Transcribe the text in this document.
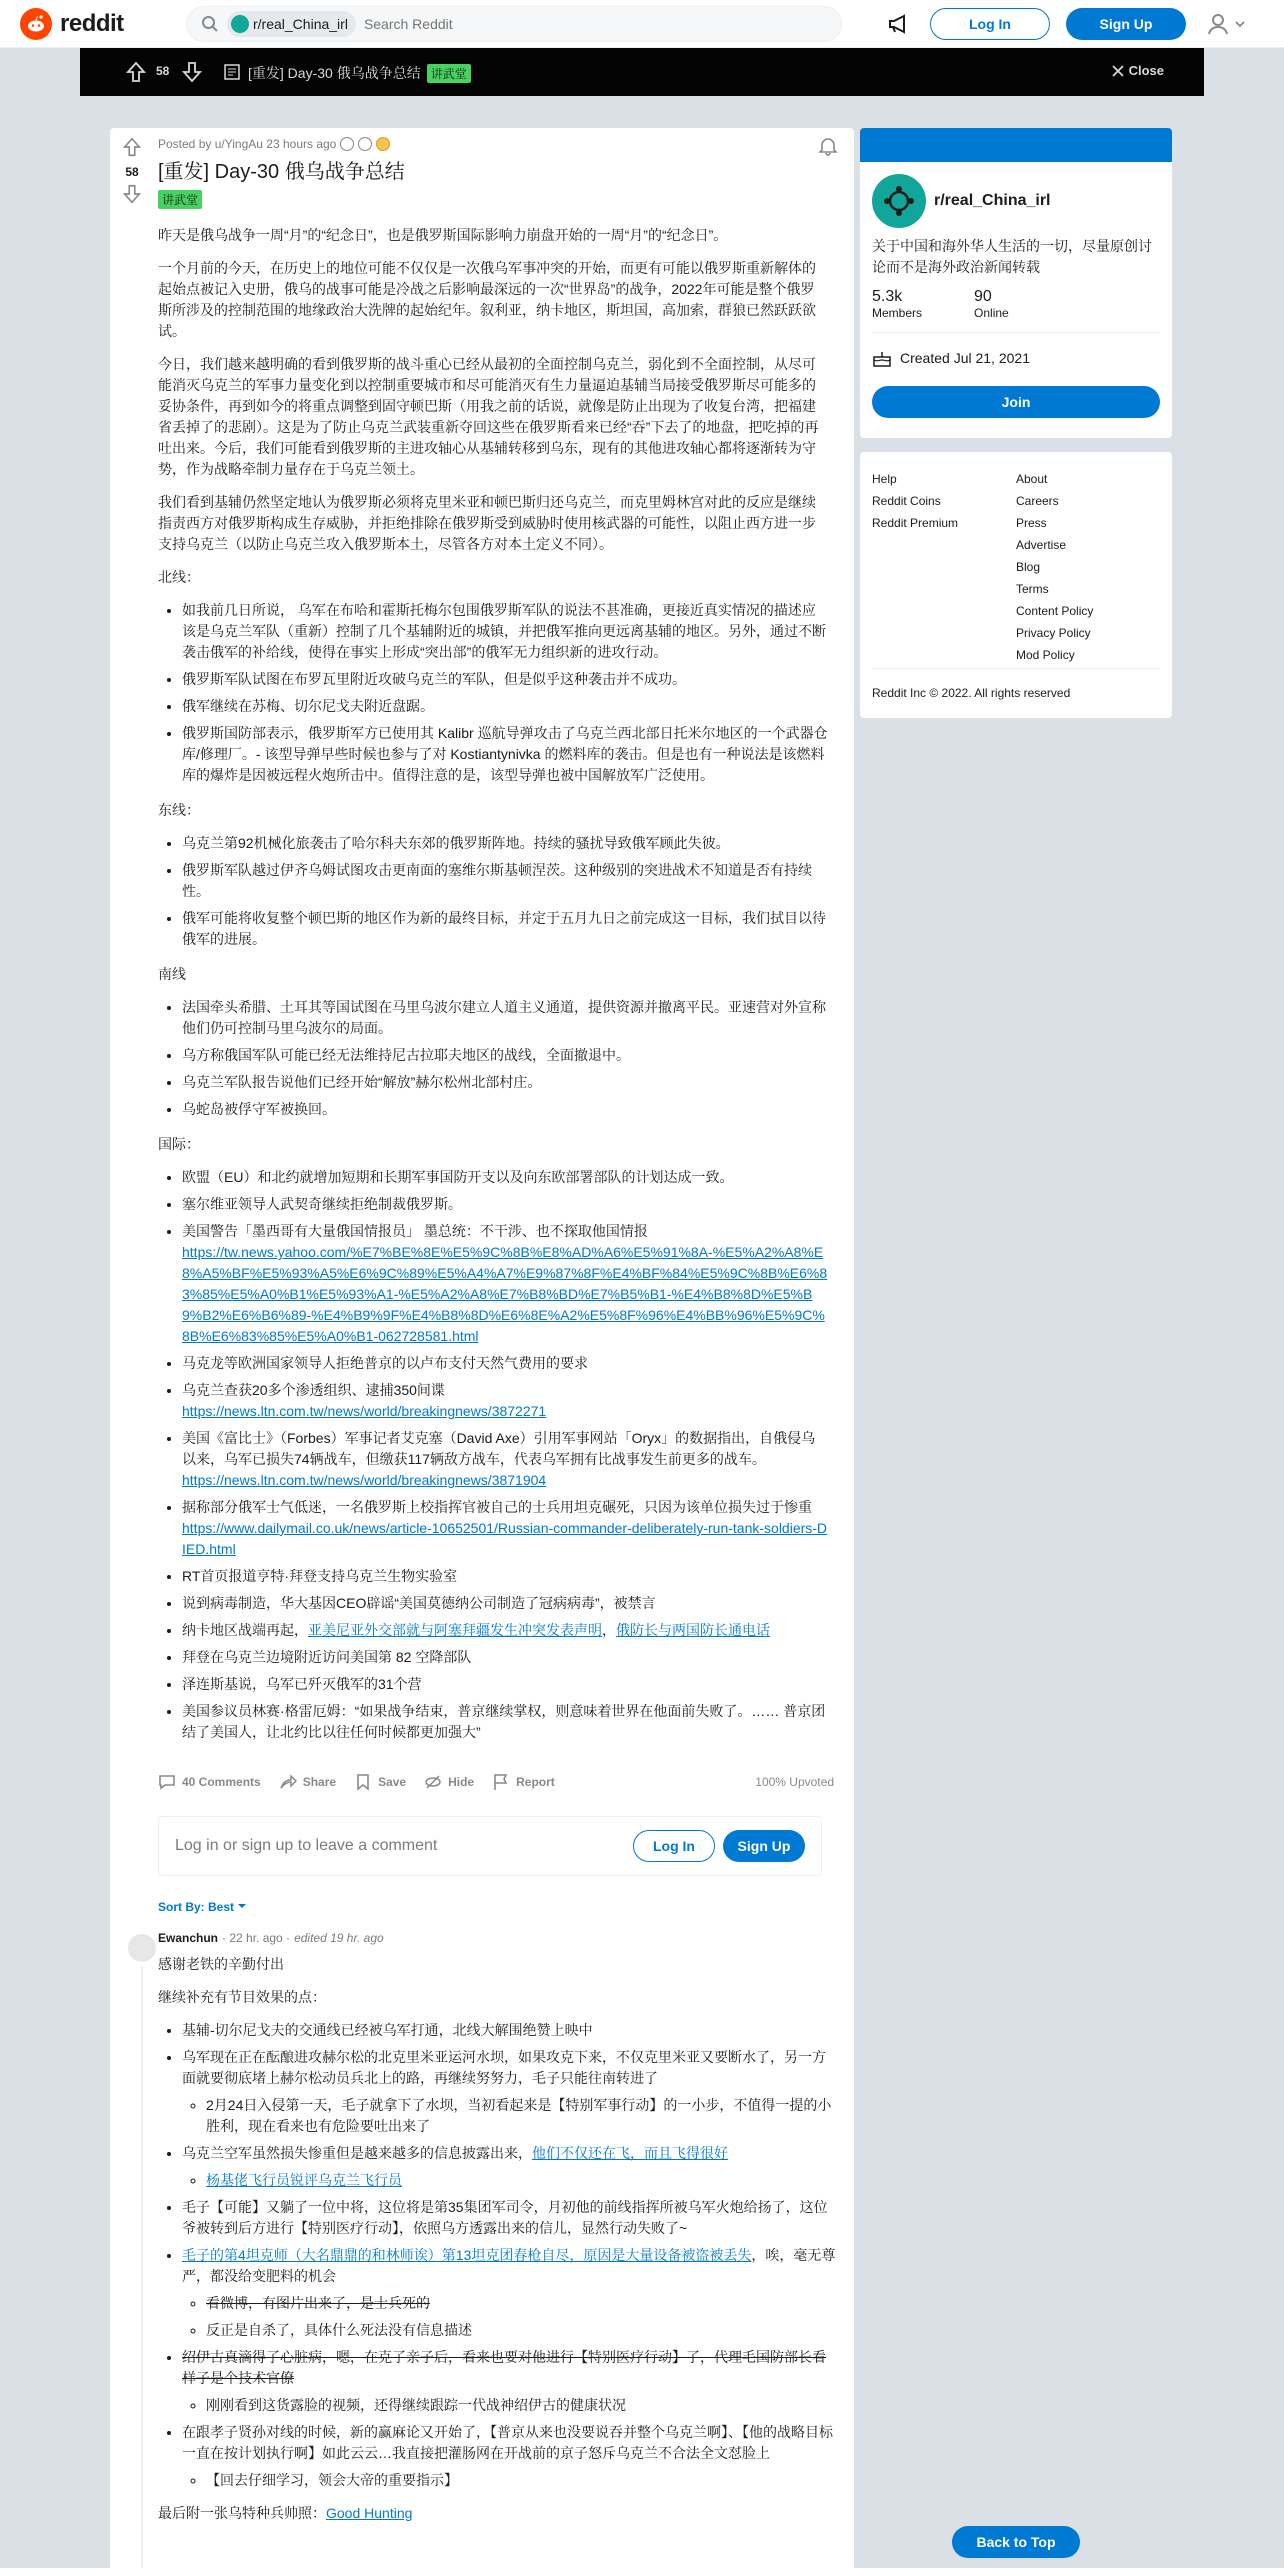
reddit	r/real_China_irl
Search Reddit	Log In	Sign Up
58	[重发] Day-30 俄乌战争总结 讲武堂	Close
58
Posted by u/YingAu 23 hours ago
[重发] Day-30 俄乌战争总结
讲武堂

昨天是俄乌战争一周“月”的“纪念日”，也是俄罗斯国际影响力崩盘开始的一周“月”的“纪念日”。

一个月前的今天，在历史上的地位可能不仅仅是一次俄乌军事冲突的开始，而更有可能以俄罗斯重新解体的起始点被记入史册，俄乌的战事可能是冷战之后影响最深远的一次“世界岛”的战争，2022年可能是整个俄罗斯所涉及的控制范围的地缘政治大洗牌的起始纪年。叙利亚，纳卡地区，斯坦国，高加索，群狼已然跃跃欲试。

今日，我们越来越明确的看到俄罗斯的战斗重心已经从最初的全面控制乌克兰，弱化到不全面控制，从尽可能消灭乌克兰的军事力量变化到以控制重要城市和尽可能消灭有生力量逼迫基辅当局接受俄罗斯尽可能多的妥协条件，再到如今的将重点调整到固守顿巴斯（用我之前的话说，就像是防止出现为了收复台湾，把福建省丢掉了的悲剧）。这是为了防止乌克兰武装重新夺回这些在俄罗斯看来已经“吞”下去了的地盘，把吃掉的再吐出来。今后，我们可能看到俄罗斯的主进攻轴心从基辅转移到乌东，现有的其他进攻轴心都将逐渐转为守势，作为战略牵制力量存在于乌克兰领土。

我们看到基辅仍然坚定地认为俄罗斯必须将克里米亚和顿巴斯归还乌克兰，而克里姆林宫对此的反应是继续指责西方对俄罗斯构成生存威胁，并拒绝排除在俄罗斯受到威胁时使用核武器的可能性，以阻止西方进一步支持乌克兰（以防止乌克兰攻入俄罗斯本土，尽管各方对本土定义不同）。

北线：

• 如我前几日所说， 乌军在布哈和霍斯托梅尔包围俄罗斯军队的说法不甚准确，更接近真实情况的描述应该是乌克兰军队（重新）控制了几个基辅附近的城镇，并把俄军推向更远离基辅的地区。另外，通过不断袭击俄军的补给线，使得在事实上形成“突出部”的俄军无力组织新的进攻行动。
• 俄罗斯军队试图在布罗瓦里附近攻破乌克兰的军队，但是似乎这种袭击并不成功。
• 俄军继续在苏梅、切尔尼戈夫附近盘踞。
• 俄罗斯国防部表示，俄罗斯军方已使用其 Kalibr 巡航导弹攻击了乌克兰西北部日托米尔地区的一个武器仓库/修理厂。- 该型导弹早些时候也参与了对 Kostiantynivka 的燃料库的袭击。但是也有一种说法是该燃料库的爆炸是因被远程火炮所击中。值得注意的是，该型导弹也被中国解放军广泛使用。

东线：

• 乌克兰第92机械化旅袭击了哈尔科夫东郊的俄罗斯阵地。持续的骚扰导致俄军顾此失彼。
• 俄罗斯军队越过伊齐乌姆试图攻击更南面的塞维尔斯基顿涅茨。这种级别的突进战术不知道是否有持续性。
• 俄军可能将收复整个顿巴斯的地区作为新的最终目标，并定于五月九日之前完成这一目标，我们拭目以待俄军的进展。

南线

• 法国牵头希腊、土耳其等国试图在马里乌波尔建立人道主义通道，提供资源并撤离平民。亚速营对外宣称他们仍可控制马里乌波尔的局面。
• 乌方称俄国军队可能已经无法维持尼古拉耶夫地区的战线，全面撤退中。
• 乌克兰军队报告说他们已经开始“解放”赫尔松州北部村庄。
• 乌蛇岛被俘守军被换回。

国际：

• 欧盟（EU）和北约就增加短期和长期军事国防开支以及向东欧部署部队的计划达成一致。
• 塞尔维亚领导人武契奇继续拒绝制裁俄罗斯。
• 美国警告「墨西哥有大量俄国情报员」 墨总统：不干涉、也不探取他国情报
https://tw.news.yahoo.com/%E7%BE%8E%E5%9C%8B%E8%AD%A6%E5%91%8A-%E5%A2%A8%E8%A5%BF%E5%93%A5%E6%9C%89%E5%A4%A7%E9%87%8F%E4%BF%84%E5%9C%8B%E6%83%85%E5%A0%B1%E5%93%A1-%E5%A2%A8%E7%B8%BD%E7%B5%B1-%E4%B8%8D%E5%B9%B2%E6%B6%89-%E4%B9%9F%E4%B8%8D%E6%8E%A2%E5%8F%96%E4%BB%96%E5%9C%8B%E6%83%85%E5%A0%B1-062728581.html
• 马克龙等欧洲国家领导人拒绝普京的以卢布支付天然气费用的要求
• 乌克兰查获20多个渗透组织、逮捕350间谍
https://news.ltn.com.tw/news/world/breakingnews/3872271
• 美国《富比士》（Forbes）军事记者艾克塞（David Axe）引用军事网站「Oryx」的数据指出，自俄侵乌以来，乌军已损失74辆战车，但缴获117辆敌方战车，代表乌军拥有比战事发生前更多的战车。
https://news.ltn.com.tw/news/world/breakingnews/3871904
• 据称部分俄军士气低迷，一名俄罗斯上校指挥官被自己的士兵用坦克碾死，只因为该单位损失过于惨重
https://www.dailymail.co.uk/news/article-10652501/Russian-commander-deliberately-run-tank-soldiers-DIED.html
• RT首页报道亨特·拜登支持乌克兰生物实验室
• 说到病毒制造，华大基因CEO辟谣“美国莫德纳公司制造了冠病病毒”，被禁言
• 纳卡地区战端再起，亚美尼亚外交部就与阿塞拜疆发生冲突发表声明，俄防长与两国防长通电话
• 拜登在乌克兰边境附近访问美国第 82 空降部队
• 泽连斯基说，乌军已歼灭俄军的31个营
• 美国参议员林赛·格雷厄姆：“如果战争结束，普京继续掌权，则意味着世界在他面前失败了。…… 普京团结了美国人，让北约比以往任何时候都更加强大”
40 Comments	Share	Save	Hide	Report	100% Upvoted
Log in or sign up to leave a comment	Log In	Sign Up
Sort By: Best
Ewanchun · 22 hr. ago · edited 19 hr. ago

感谢老铁的辛勤付出

继续补充有节目效果的点：

• 基辅-切尔尼戈夫的交通线已经被乌军打通，北线大解围绝赞上映中
• 乌军现在正在酝酿进攻赫尔松的北克里米亚运河水坝，如果攻克下来，不仅克里米亚又要断水了，另一方面就要彻底堵上赫尔松动员兵北上的路，再继续努努力，毛子只能往南转进了
◦ 2月24日入侵第一天，毛子就拿下了水坝，当初看起来是【特别军事行动】的一小步，不值得一提的小胜利，现在看来也有危险要吐出来了
• 乌克兰空军虽然损失惨重但是越来越多的信息披露出来，他们不仅还在飞，而且飞得很好
◦ 杨基佬飞行员锐评乌克兰飞行员
• 毛子【可能】又躺了一位中将，这位将是第35集团军司令，月初他的前线指挥所被乌军火炮给扬了，这位爷被转到后方进行【特别医疗行动】，依照乌方透露出来的信儿，显然行动失败了~
• 毛子的第4坦克师（大名鼎鼎的和林师诶）第13坦克团春枪自尽，原因是大量设备被盗被丢失，唉，毫无尊严，都没给变肥料的机会
◦ 看微博，有图片出来了，是士兵死的
◦ 反正是自杀了，具体什么死法没有信息描述
• 绍伊古真滴得了心脏病，嗯，在克了亲子后，看来也要对他进行【特别医疗行动】了，代理毛国防部长看样子是个技术官僚
◦ 刚刚看到这货露脸的视频，还得继续跟踪一代战神绍伊古的健康状况
• 在跟孝子贤孙对线的时候，新的赢麻论又开始了，【普京从来也没要说吞并整个乌克兰啊】、【他的战略目标一直在按计划执行啊】如此云云…我直接把灌肠网在开战前的京子怒斥乌克兰不合法全文怼脸上
◦ 【回去仔细学习，领会大帝的重要指示】

最后附一张乌特种兵帅照：Good Hunting

r/real_China_irl
关于中国和海外华人生活的一切，尽量原创讨论而不是海外政治新闻转载
5.3k
Members
90
Online
Created Jul 21, 2021
Join
Help	About
Reddit Coins	Careers
Reddit Premium	Press
Advertise
Blog
Terms
Content Policy
Privacy Policy
Mod Policy
Reddit Inc © 2022. All rights reserved
Back to Top
